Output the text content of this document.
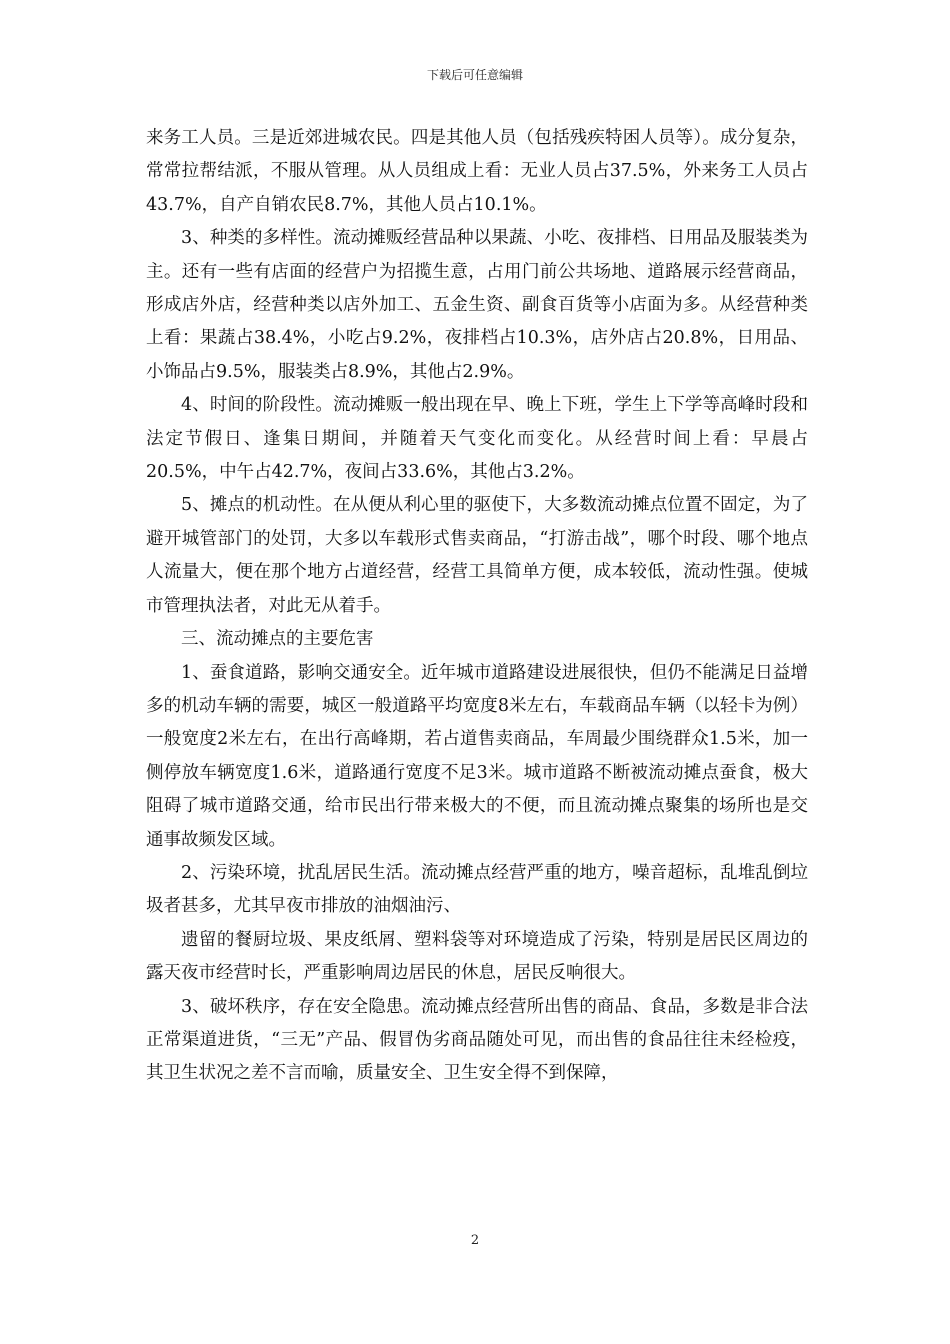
下载后可任意编辑

来务工人员。三是近郊进城农民。四是其他人员（包括残疾特困人员等）。成分复杂，常常拉帮结派，不服从管理。从人员组成上看：无业人员占37.5%，外来务工人员占43.7%，自产自销农民8.7%，其他人员占10.1%。

3、种类的多样性。流动摊贩经营品种以果蔬、小吃、夜排档、日用品及服装类为主。还有一些有店面的经营户为招揽生意，占用门前公共场地、道路展示经营商品，形成店外店，经营种类以店外加工、五金生资、副食百货等小店面为多。从经营种类上看：果蔬占38.4%，小吃占9.2%，夜排档占10.3%，店外店占20.8%，日用品、小饰品占9.5%，服装类占8.9%，其他占2.9%。

4、时间的阶段性。流动摊贩一般出现在早、晚上下班，学生上下学等高峰时段和法定节假日、逢集日期间，并随着天气变化而变化。从经营时间上看：早晨占20.5%，中午占42.7%，夜间占33.6%，其他占3.2%。

5、摊点的机动性。在从便从利心里的驱使下，大多数流动摊点位置不固定，为了避开城管部门的处罚，大多以车载形式售卖商品，“打游击战”，哪个时段、哪个地点人流量大，便在那个地方占道经营，经营工具简单方便，成本较低，流动性强。使城市管理执法者，对此无从着手。

三、流动摊点的主要危害

1、蚕食道路，影响交通安全。近年城市道路建设进展很快，但仍不能满足日益增多的机动车辆的需要，城区一般道路平均宽度8米左右，车载商品车辆（以轻卡为例）一般宽度2米左右，在出行高峰期，若占道售卖商品，车周最少围绕群众1.5米，加一侧停放车辆宽度1.6米，道路通行宽度不足3米。城市道路不断被流动摊点蚕食，极大阻碍了城市道路交通，给市民出行带来极大的不便，而且流动摊点聚集的场所也是交通事故频发区域。

2、污染环境，扰乱居民生活。流动摊点经营严重的地方，噪音超标，乱堆乱倒垃圾者甚多，尤其早夜市排放的油烟油污、

遗留的餐厨垃圾、果皮纸屑、塑料袋等对环境造成了污染，特别是居民区周边的露天夜市经营时长，严重影响周边居民的休息，居民反响很大。

3、破坏秩序，存在安全隐患。流动摊点经营所出售的商品、食品，多数是非合法正常渠道进货，“三无”产品、假冒伪劣商品随处可见，而出售的食品往往未经检疫，其卫生状况之差不言而喻，质量安全、卫生安全得不到保障，

2
